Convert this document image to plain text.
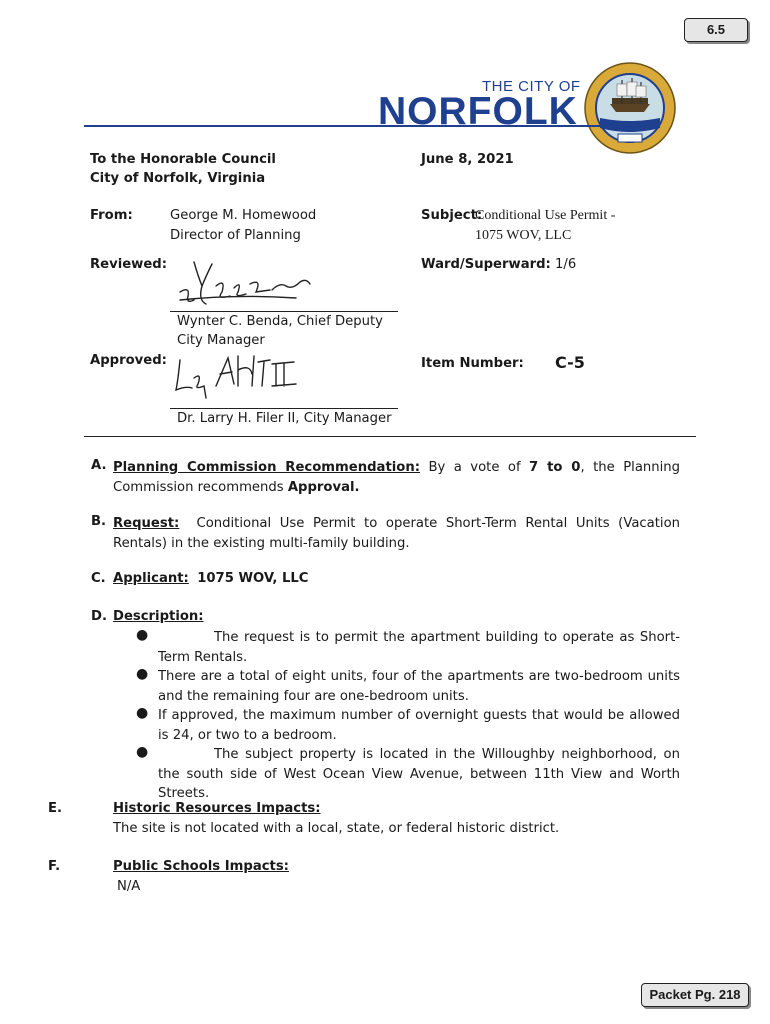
6.5
THE CITY OF
NORFOLK
To the Honorable Council
City of Norfolk, Virginia
June 8, 2021
From:	George M. Homewood
Director of Planning
Subject:
Conditional Use Permit -
1075 WOV, LLC
Reviewed:	Ward/Superward: 1/6
Wynter C. Benda, Chief Deputy
City Manager
Approved:	Item Number: C-5
Dr. Larry H. Filer II, City Manager
A. Planning Commission Recommendation: By a vote of 7 to 0, the Planning Commission recommends Approval.
B. Request: Conditional Use Permit to operate Short-Term Rental Units (Vacation Rentals) in the existing multi-family building.
C. Applicant: 1075 WOV, LLC
D. Description:
●	The request is to permit the apartment building to operate as Short-Term Rentals.
● There are a total of eight units, four of the apartments are two-bedroom units and the remaining four are one-bedroom units.
● If approved, the maximum number of overnight guests that would be allowed is 24, or two to a bedroom.
●	The subject property is located in the Willoughby neighborhood, on the south side of West Ocean View Avenue, between 11th View and Worth Streets.
E.	Historic Resources Impacts:
The site is not located with a local, state, or federal historic district.
F.	Public Schools Impacts:
N/A
Packet Pg. 218
